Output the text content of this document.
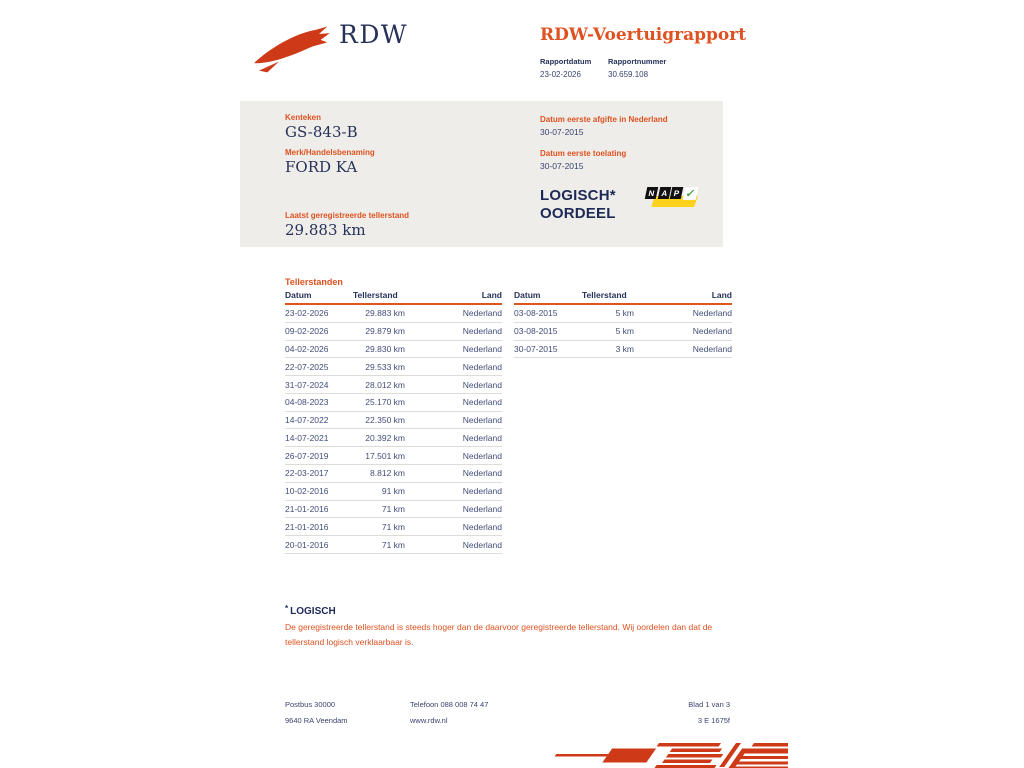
RDW	RDW-Voertuigrapport
Rapportdatum
23-02-2026
Rapportnummer
30.659.108
Kenteken
GS-843-B
Merk/Handelsbenaming
FORD KA
Laatst geregistreerde tellerstand
29.883 km
Datum eerste afgifte in Nederland
30-07-2015
Datum eerste toelating
30-07-2015
LOGISCH*
OORDEEL
N A P ✓
Tellerstanden
Datum	Tellerstand	Land
23-02-2026	29.883 km	Nederland
09-02-2026	29.879 km	Nederland
04-02-2026	29.830 km	Nederland
22-07-2025	29.533 km	Nederland
31-07-2024	28.012 km	Nederland
04-08-2023	25.170 km	Nederland
14-07-2022	22.350 km	Nederland
14-07-2021	20.392 km	Nederland
26-07-2019	17.501 km	Nederland
22-03-2017	8.812 km	Nederland
10-02-2016	91 km	Nederland
21-01-2016	71 km	Nederland
21-01-2016	71 km	Nederland
20-01-2016	71 km	Nederland
Datum	Tellerstand	Land
03-08-2015	5 km	Nederland
03-08-2015	5 km	Nederland
30-07-2015	3 km	Nederland
* LOGISCH
De geregistreerde tellerstand is steeds hoger dan de daarvoor geregistreerde tellerstand. Wij oordelen dan dat de tellerstand logisch verklaarbaar is.
Postbus 30000
9640 RA Veendam
Telefoon 088 008 74 47
www.rdw.nl
Blad 1 van 3
3 E 1675f
